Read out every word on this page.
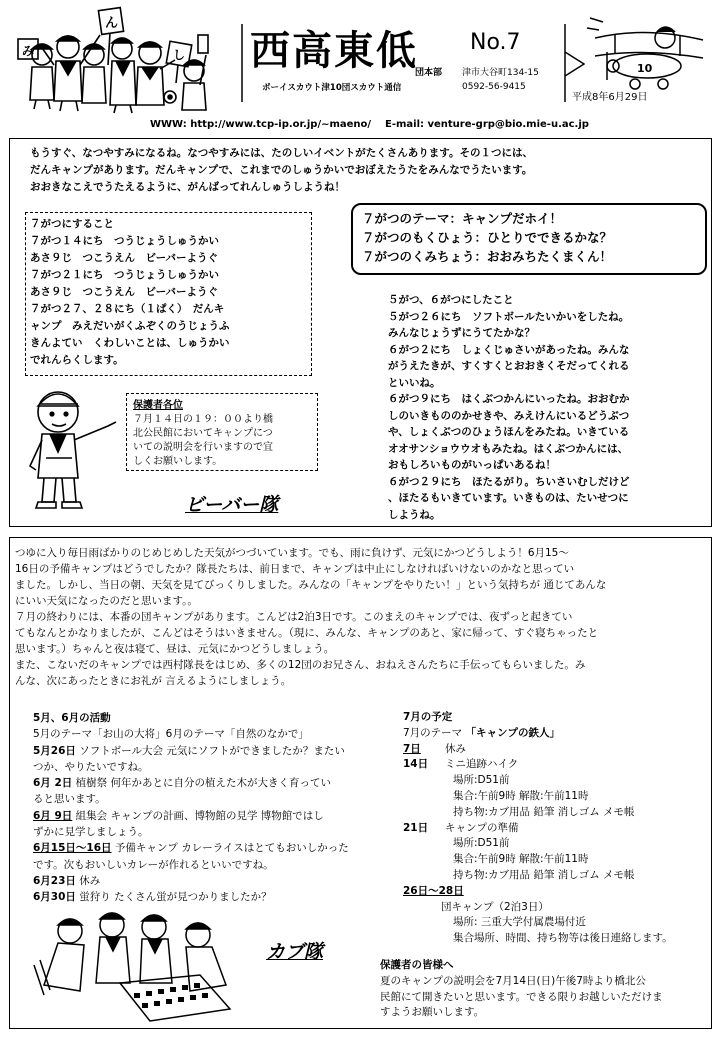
み
ん
し 西高東低 No.7
団本部 津市大谷町134-15
0592-56-9415
ボーイスカウト津10団スカウト通信
10
平成8年6月29日
WWW: http://www.tcp-ip.or.jp/~maeno/ E-mail: venture-grp@bio.mie-u.ac.jp
もうすぐ、なつやすみになるね。なつやすみには、たのしいイベントがたくさんあります。その１つには、
だんキャンプがあります。だんキャンプで、これまでのしゅうかいでおぼえたうたをみんなでうたいます。
おおきなこえでうたえるように、がんばってれんしゅうしようね！
７がつにすること
７がつ１４にち　つうじょうしゅうかい
あさ９じ　つこうえん　ビーバーようぐ
７がつ２１にち　つうじょうしゅうかい
あさ９じ　つこうえん　ビーバーようぐ
７がつ２７、２８にち（１ぱく）　だんキ
ャンプ　みえだいがくふぞくのうじょうふ
きんよてい　くわしいことは、しゅうかい
でれんらくします。
７がつのテーマ：キャンプだホイ！
７がつのもくひょう：ひとりでできるかな？
７がつのくみちょう：おおみちたくまくん！
５がつ、６がつにしたこと
５がつ２６にち　ソフトボールたいかいをしたね。
みんなじょうずにうてたかな？
６がつ２にち　しょくじゅさいがあったね。みんな
がうえたきが、すくすくとおおきくそだってくれる
といいね。
６がつ９にち　はくぶつかんにいったね。おおむか
しのいきもののかせきや、みえけんにいるどうぶつ
や、しょくぶつのひょうほんをみたね。いきている
オオサンショウウオもみたね。はくぶつかんには、
おもしろいものがいっぱいあるね！
６がつ２９にち　ほたるがり。ちいさいむしだけど
、ほたるもいきています。いきものは、たいせつに
しようね。
保護者各位
７月１４日の１９：００より橋
北公民館においてキャンプにつ
いての説明会を行いますので宜
しくお願いします。
ビーバー隊
つゆに入り毎日雨ばかりのじめじめした天気がつづいています。でも、雨に負けず、元気にかつどうしよう！6月15～
16日の予備キャンプはどうでしたか？隊長たちは、前日まで、キャンプは中止にしなければいけないのかなと思ってい
ました。しかし、当日の朝、天気を見てびっくりしました。みんなの「キャンプをやりたい！」という気持ちが 通じてあんな
にいい天気になったのだと思います。。
７月の終わりには、本番の団キャンプがあります。こんどは2泊3日です。このまえのキャンプでは、夜ずっと起きてい
てもなんとかなりましたが、こんどはそうはいきません。（現に、みんな、キャンプのあと、家に帰って、すぐ寝ちゃったと
思います。）ちゃんと夜は寝て、昼は、元気にかつどうしましょう。
また、こないだのキャンプでは西村隊長をはじめ、多くの12団のお兄さん、おねえさんたちに手伝ってもらいました。み
んな、次にあったときにお礼が 言えるようにしましょう。
5月、6月の活動
5月のテーマ「お山の大将」6月のテーマ「自然のなかで」
5月26日 ソフトボール大会 元気にソフトができましたか？またい
つか、やりたいですね。
6月 2日 植樹祭 何年かあとに自分の植えた木が大きく育ってい
ると思います。
6月 9日 組集会 キャンプの計画、博物館の見学 博物館ではし
ずかに見学しましょう。
6月15日～16日 予備キャンプ カレーライスはとてもおいしかった
です。次もおいしいカレーが作れるといいですね。
6月23日 休み
6月30日 蛍狩り たくさん蛍が見つかりましたか？
7月の予定
7月のテーマ 「キャンプの鉄人」
7日 休み
14日 ミニ追跡ハイク
場所:D51前
集合:午前9時 解散:午前11時
持ち物:カブ用品 鉛筆 消しゴム メモ帳
21日 キャンプの準備
場所:D51前
集合:午前9時 解散:午前11時
持ち物:カブ用品 鉛筆 消しゴム メモ帳
26日～28日
団キャンプ（2泊3日）
場所: 三重大学付属農場付近
集合場所、時間、持ち物等は後日連絡します。
カブ隊
保護者の皆様へ
夏のキャンプの説明会を7月14日(日)午後7時より橋北公
民館にて開きたいと思います。できる限りお越しいただけま
すようお願いします。
